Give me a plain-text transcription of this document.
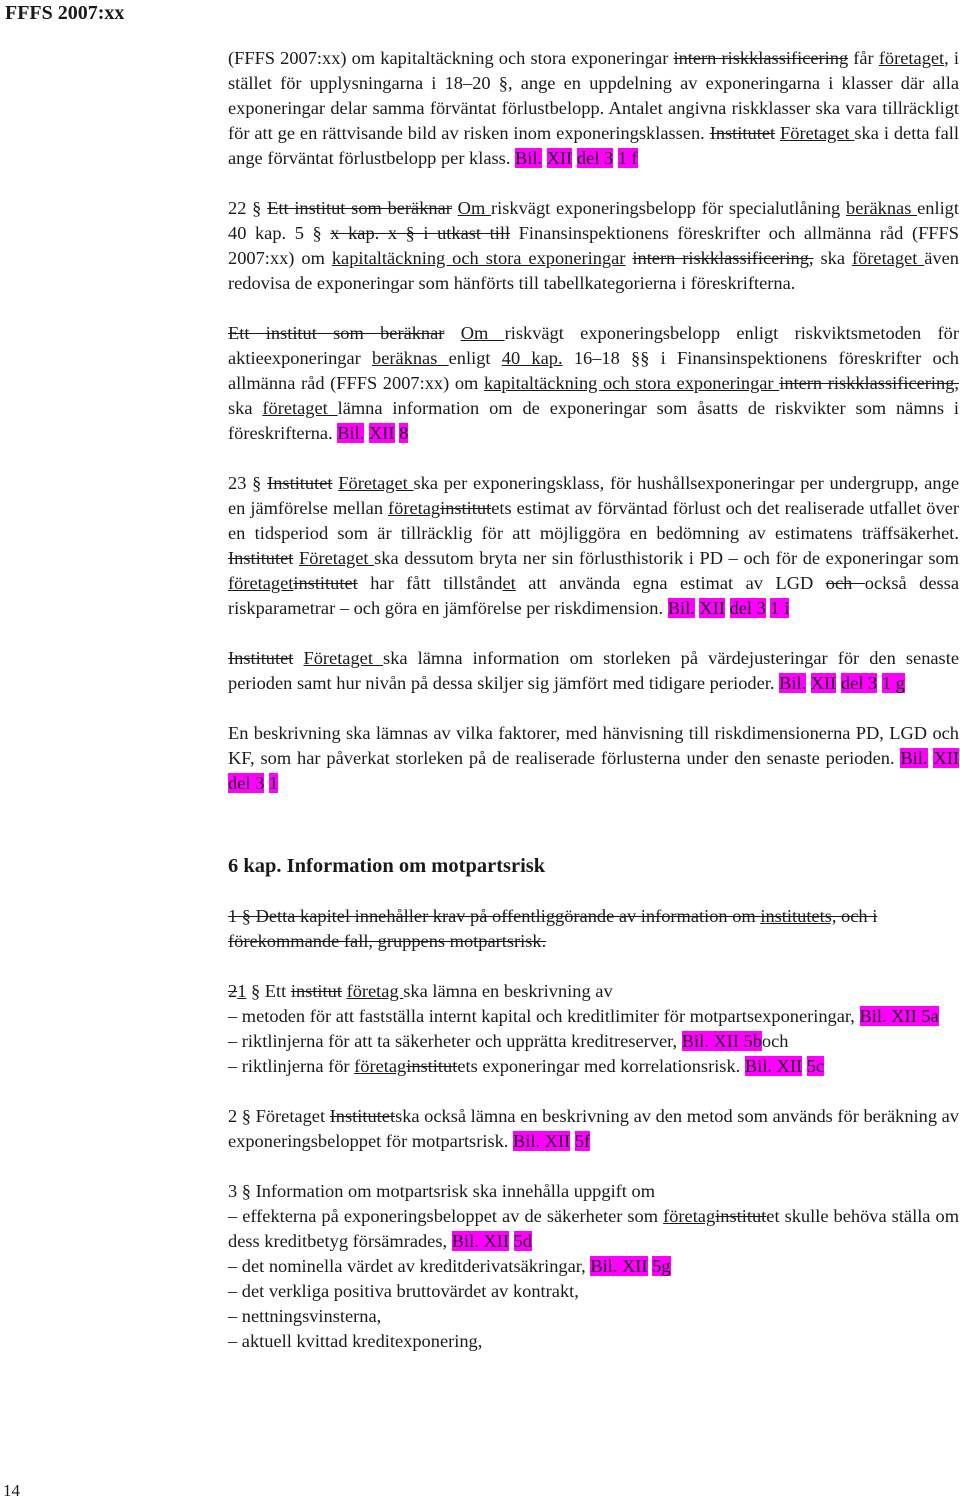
FFFS 2007:xx

(FFFS 2007:xx) om kapitaltäckning och stora exponeringar intern riskklassificering får företaget, i stället för upplysningarna i 18–20 §, ange en uppdelning av exponeringarna i klasser där alla exponeringar delar samma förväntat förlustbelopp. Antalet angivna riskklasser ska vara tillräckligt för att ge en rättvisande bild av risken inom exponeringsklassen. Institutet Företaget ska i detta fall ange förväntat förlustbelopp per klass. Bil. XII del 3 1 f

22 § Ett institut som beräknar Om riskvägt exponeringsbelopp för specialutlåning beräknas enligt 40 kap. 5 § x kap. x § i utkast till Finansinspektionens föreskrifter och allmänna råd (FFFS 2007:xx) om kapitaltäckning och stora exponeringar intern riskklassificering, ska företaget även redovisa de exponeringar som hänförts till tabellkategorierna i föreskrifterna.

Ett institut som beräknar Om riskvägt exponeringsbelopp enligt riskviktsmetoden för aktieexponeringar beräknas enligt 40 kap. 16–18 §§ i Finansinspektionens föreskrifter och allmänna råd (FFFS 2007:xx) om kapitaltäckning och stora exponeringar intern riskklassificering, ska företaget lämna information om de exponeringar som åsatts de riskvikter som nämns i föreskrifterna. Bil. XII 8

23 § Institutet Företaget ska per exponeringsklass, för hushållsexponeringar per undergrupp, ange en jämförelse mellan företaginstitutets estimat av förväntad förlust och det realiserade utfallet över en tidsperiod som är tillräcklig för att möjliggöra en bedömning av estimatens träffsäkerhet. Institutet Företaget ska dessutom bryta ner sin förlusthistorik i PD – och för de exponeringar som företagetinstitutet har fått tillståndet att använda egna estimat av LGD och också dessa riskparametrar – och göra en jämförelse per riskdimension. Bil. XII del 3 1 i

Institutet Företaget ska lämna information om storleken på värdejusteringar för den senaste perioden samt hur nivån på dessa skiljer sig jämfört med tidigare perioder. Bil. XII del 3 1 g

En beskrivning ska lämnas av vilka faktorer, med hänvisning till riskdimensionerna PD, LGD och KF, som har påverkat storleken på de realiserade förlusterna under den senaste perioden. Bil. XII del 3 1

6 kap. Information om motpartsrisk

1 § Detta kapitel innehåller krav på offentliggörande av information om institutets, och i förekommande fall, gruppens motpartsrisk.

21 § Ett institut företag ska lämna en beskrivning av
– metoden för att fastställa internt kapital och kreditlimiter för motpartsexponeringar, Bil. XII 5a
– riktlinjerna för att ta säkerheter och upprätta kreditreserver, Bil. XII 5boch
– riktlinjerna för företaginstitutets exponeringar med korrelationsrisk. Bil. XII 5c

2 § Företaget Institutetska också lämna en beskrivning av den metod som används för beräkning av exponeringsbeloppet för motpartsrisk. Bil. XII 5f

3 § Information om motpartsrisk ska innehålla uppgift om
– effekterna på exponeringsbeloppet av de säkerheter som företaginstitutet skulle behöva ställa om dess kreditbetyg försämrades, Bil. XII 5d
– det nominella värdet av kreditderivatsäkringar, Bil. XII 5g
– det verkliga positiva bruttovärdet av kontrakt,
– nettningsvinsterna,
– aktuell kvittad kreditexponering,

14
